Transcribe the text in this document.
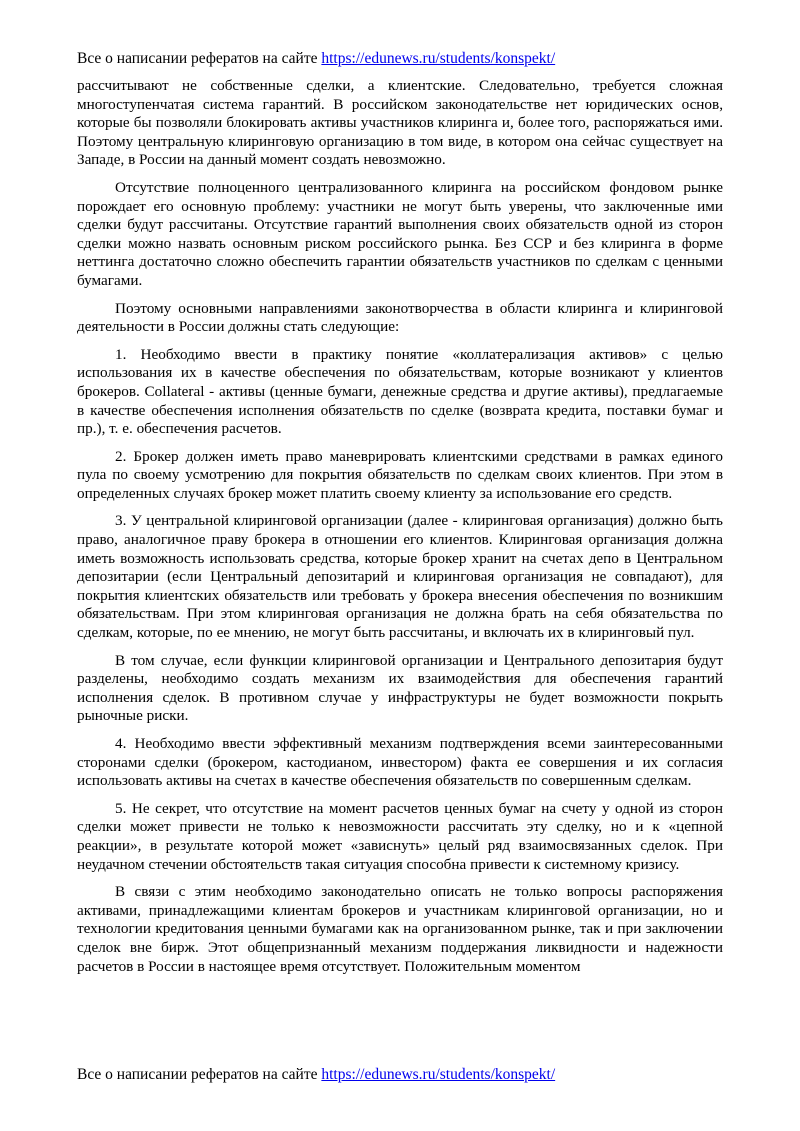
Все о написании рефератов на сайте https://edunews.ru/students/konspekt/

рассчитывают не собственные сделки, а клиентские. Следовательно, требуется сложная многоступенчатая система гарантий. В российском законодательстве нет юридических основ, которые бы позволяли блокировать активы участников клиринга и, более того, распоряжаться ими. Поэтому центральную клиринговую организацию в том виде, в котором она сейчас существует на Западе, в России на данный момент создать невозможно.

Отсутствие полноценного централизованного клиринга на российском фондовом рынке порождает его основную проблему: участники не могут быть уверены, что заключенные ими сделки будут рассчитаны. Отсутствие гарантий выполнения своих обязательств одной из сторон сделки можно назвать основным риском российского рынка. Без ССР и без клиринга в форме неттинга достаточно сложно обеспечить гарантии обязательств участников по сделкам с ценными бумагами.

Поэтому основными направлениями законотворчества в области клиринга и клиринговой деятельности в России должны стать следующие:

1. Необходимо ввести в практику понятие «коллатерализация активов» с целью использования их в качестве обеспечения по обязательствам, которые возникают у клиентов брокеров. Collateral - активы (ценные бумаги, денежные средства и другие активы), предлагаемые в качестве обеспечения исполнения обязательств по сделке (возврата кредита, поставки бумаг и пр.), т. е. обеспечения расчетов.

2. Брокер должен иметь право маневрировать клиентскими средствами в рамках единого пула по своему усмотрению для покрытия обязательств по сделкам своих клиентов. При этом в определенных случаях брокер может платить своему клиенту за использование его средств.

3. У центральной клиринговой организации (далее - клиринговая организация) должно быть право, аналогичное праву брокера в отношении его клиентов. Клиринговая организация должна иметь возможность использовать средства, которые брокер хранит на счетах депо в Центральном депозитарии (если Центральный депозитарий и клиринговая организация не совпадают), для покрытия клиентских обязательств или требовать у брокера внесения обеспечения по возникшим обязательствам. При этом клиринговая организация не должна брать на себя обязательства по сделкам, которые, по ее мнению, не могут быть рассчитаны, и включать их в клиринговый пул.

В том случае, если функции клиринговой организации и Центрального депозитария будут разделены, необходимо создать механизм их взаимодействия для обеспечения гарантий исполнения сделок. В противном случае у инфраструктуры не будет возможности покрыть рыночные риски.

4. Необходимо ввести эффективный механизм подтверждения всеми заинтересованными сторонами сделки (брокером, кастодианом, инвестором) факта ее совершения и их согласия использовать активы на счетах в качестве обеспечения обязательств по совершенным сделкам.

5. Не секрет, что отсутствие на момент расчетов ценных бумаг на счету у одной из сторон сделки может привести не только к невозможности рассчитать эту сделку, но и к «цепной реакции», в результате которой может «зависнуть» целый ряд взаимосвязанных сделок. При неудачном стечении обстоятельств такая ситуация способна привести к системному кризису.

В связи с этим необходимо законодательно описать не только вопросы распоряжения активами, принадлежащими клиентам брокеров и участникам клиринговой организации, но и технологии кредитования ценными бумагами как на организованном рынке, так и при заключении сделок вне бирж. Этот общепризнанный механизм поддержания ликвидности и надежности расчетов в России в настоящее время отсутствует. Положительным моментом

Все о написании рефератов на сайте https://edunews.ru/students/konspekt/
